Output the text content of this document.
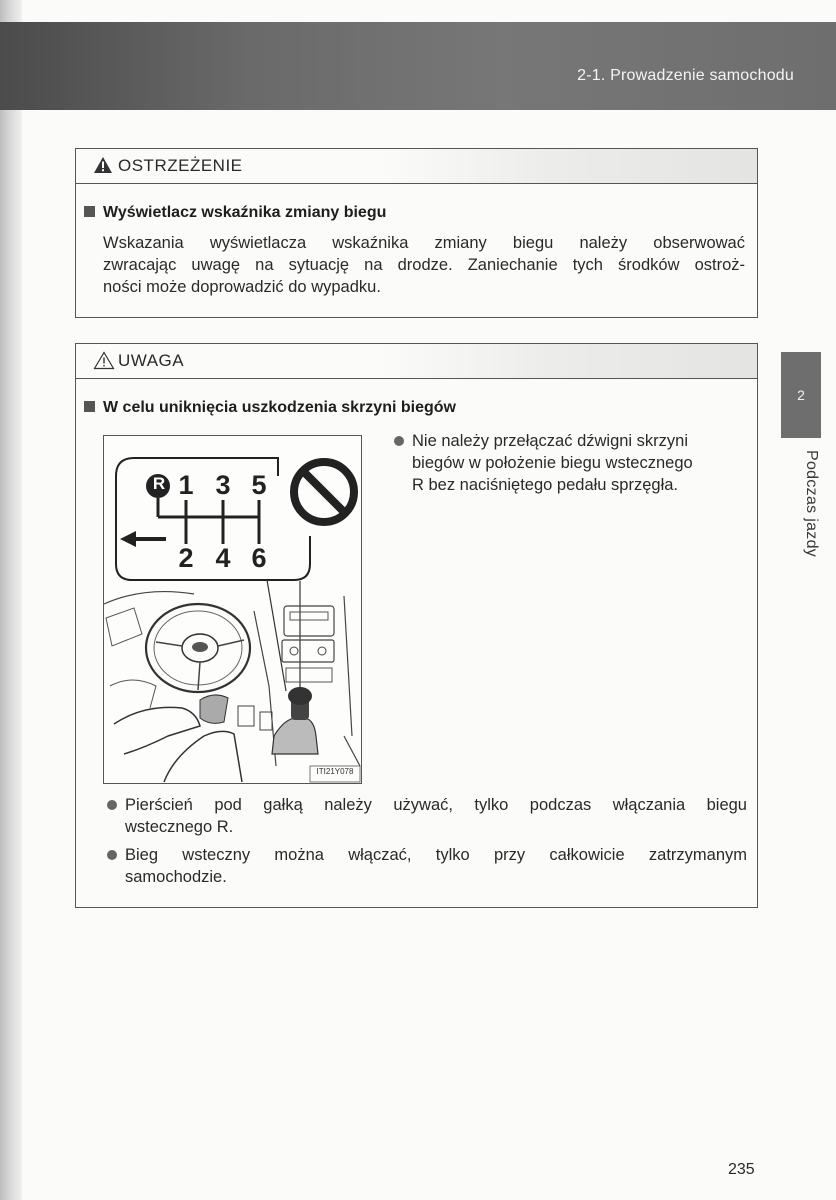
2-1. Prowadzenie samochodu
2
Podczas jazdy
OSTRZEŻENIE
Wyświetlacz wskaźnika zmiany biegu
Wskazania wyświetlacza wskaźnika zmiany biegu należy obserwować
zwracając uwagę na sytuację na drodze. Zaniechanie tych środków ostroż-
ności może doprowadzić do wypadku.
UWAGA
W celu uniknięcia uszkodzenia skrzyni biegów
R 1 3 5
2 4 6
ITI21Y078
Nie należy przełączać dźwigni skrzyni
biegów w położenie biegu wstecznego
R bez naciśniętego pedału sprzęgła.
Pierścień pod gałką należy używać, tylko podczas włączania biegu
wstecznego R.
Bieg wsteczny można włączać, tylko przy całkowicie zatrzymanym
samochodzie.
235
